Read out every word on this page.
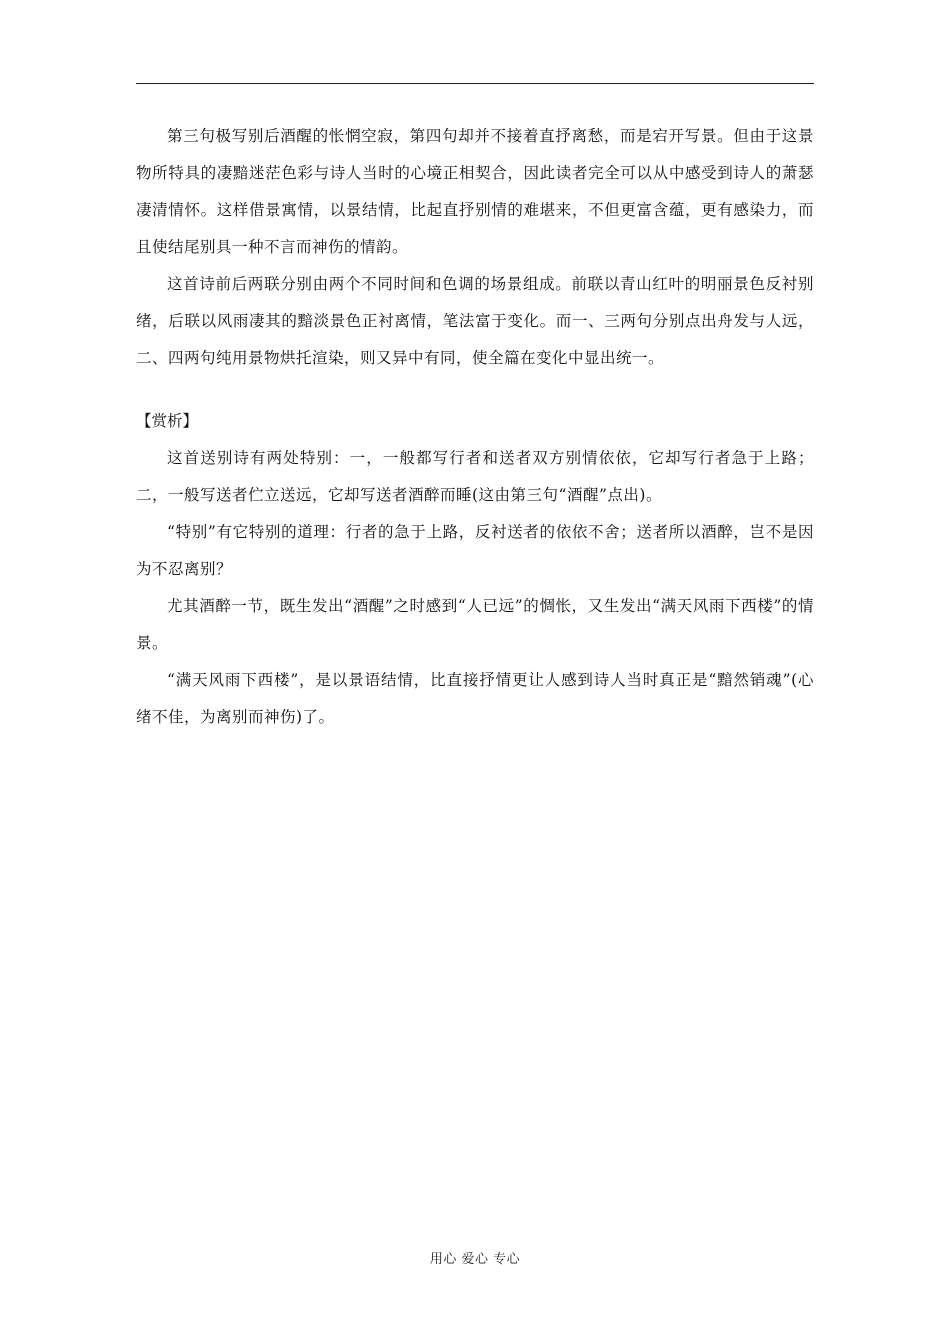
第三句极写别后酒醒的怅惘空寂，第四句却并不接着直抒离愁，而是宕开写景。但由于这景物所特具的凄黯迷茫色彩与诗人当时的心境正相契合，因此读者完全可以从中感受到诗人的萧瑟凄清情怀。这样借景寓情，以景结情，比起直抒别情的难堪来，不但更富含蕴，更有感染力，而且使结尾别具一种不言而神伤的情韵。

这首诗前后两联分别由两个不同时间和色调的场景组成。前联以青山红叶的明丽景色反衬别绪，后联以风雨凄其的黯淡景色正衬离情，笔法富于变化。而一、三两句分别点出舟发与人远，二、四两句纯用景物烘托渲染，则又异中有同，使全篇在变化中显出统一。

【赏析】

这首送别诗有两处特别：一，一般都写行者和送者双方别情依依，它却写行者急于上路；二，一般写送者伫立送远，它却写送者酒醉而睡(这由第三句“酒醒”点出)。

“特别”有它特别的道理：行者的急于上路，反衬送者的依依不舍；送者所以酒醉，岂不是因为不忍离别？

尤其酒醉一节，既生发出“酒醒”之时感到“人已远”的惆怅，又生发出“满天风雨下西楼”的情景。

“满天风雨下西楼”，是以景语结情，比直接抒情更让人感到诗人当时真正是“黯然销魂”(心绪不佳，为离别而神伤)了。

用心 爱心 专心
